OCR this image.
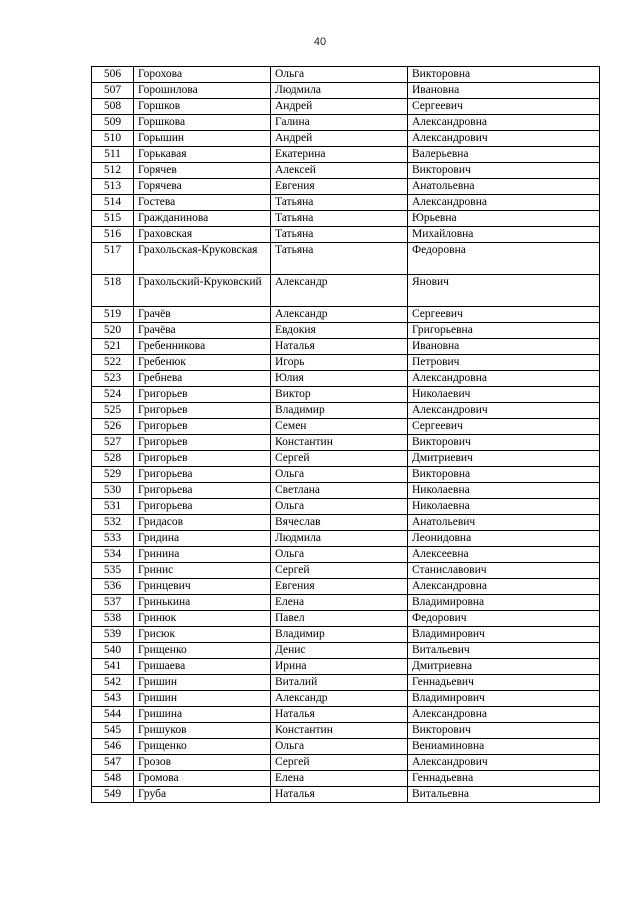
40
506	Горохова	Ольга	Викторовна
507	Горошилова	Людмила	Ивановна
508	Горшков	Андрей	Сергеевич
509	Горшкова	Галина	Александровна
510	Горышин	Андрей	Александрович
511	Горькавая	Екатерина	Валерьевна
512	Горячев	Алексей	Викторович
513	Горячева	Евгения	Анатольевна
514	Гостева	Татьяна	Александровна
515	Гражданинова	Татьяна	Юрьевна
516	Граховская	Татьяна	Михайловна
517	Грахольская-Круковская	Татьяна	Федоровна
518	Грахольский-Круковский	Александр	Янович
519	Грачёв	Александр	Сергеевич
520	Грачёва	Евдокия	Григорьевна
521	Гребенникова	Наталья	Ивановна
522	Гребенюк	Игорь	Петрович
523	Гребнева	Юлия	Александровна
524	Григорьев	Виктор	Николаевич
525	Григорьев	Владимир	Александрович
526	Григорьев	Семен	Сергеевич
527	Григорьев	Константин	Викторович
528	Григорьев	Сергей	Дмитриевич
529	Григорьева	Ольга	Викторовна
530	Григорьева	Светлана	Николаевна
531	Григорьева	Ольга	Николаевна
532	Гридасов	Вячеслав	Анатольевич
533	Гридина	Людмила	Леонидовна
534	Гринина	Ольга	Алексеевна
535	Гринис	Сергей	Станиславович
536	Гринцевич	Евгения	Александровна
537	Гринькина	Елена	Владимировна
538	Гринюк	Павел	Федорович
539	Грисюк	Владимир	Владимирович
540	Грищенко	Денис	Витальевич
541	Гришаева	Ирина	Дмитриевна
542	Гришин	Виталий	Геннадьевич
543	Гришин	Александр	Владимирович
544	Гришина	Наталья	Александровна
545	Гришуков	Константин	Викторович
546	Грищенко	Ольга	Вениаминовна
547	Грозов	Сергей	Александрович
548	Громова	Елена	Геннадьевна
549	Груба	Наталья	Витальевна
